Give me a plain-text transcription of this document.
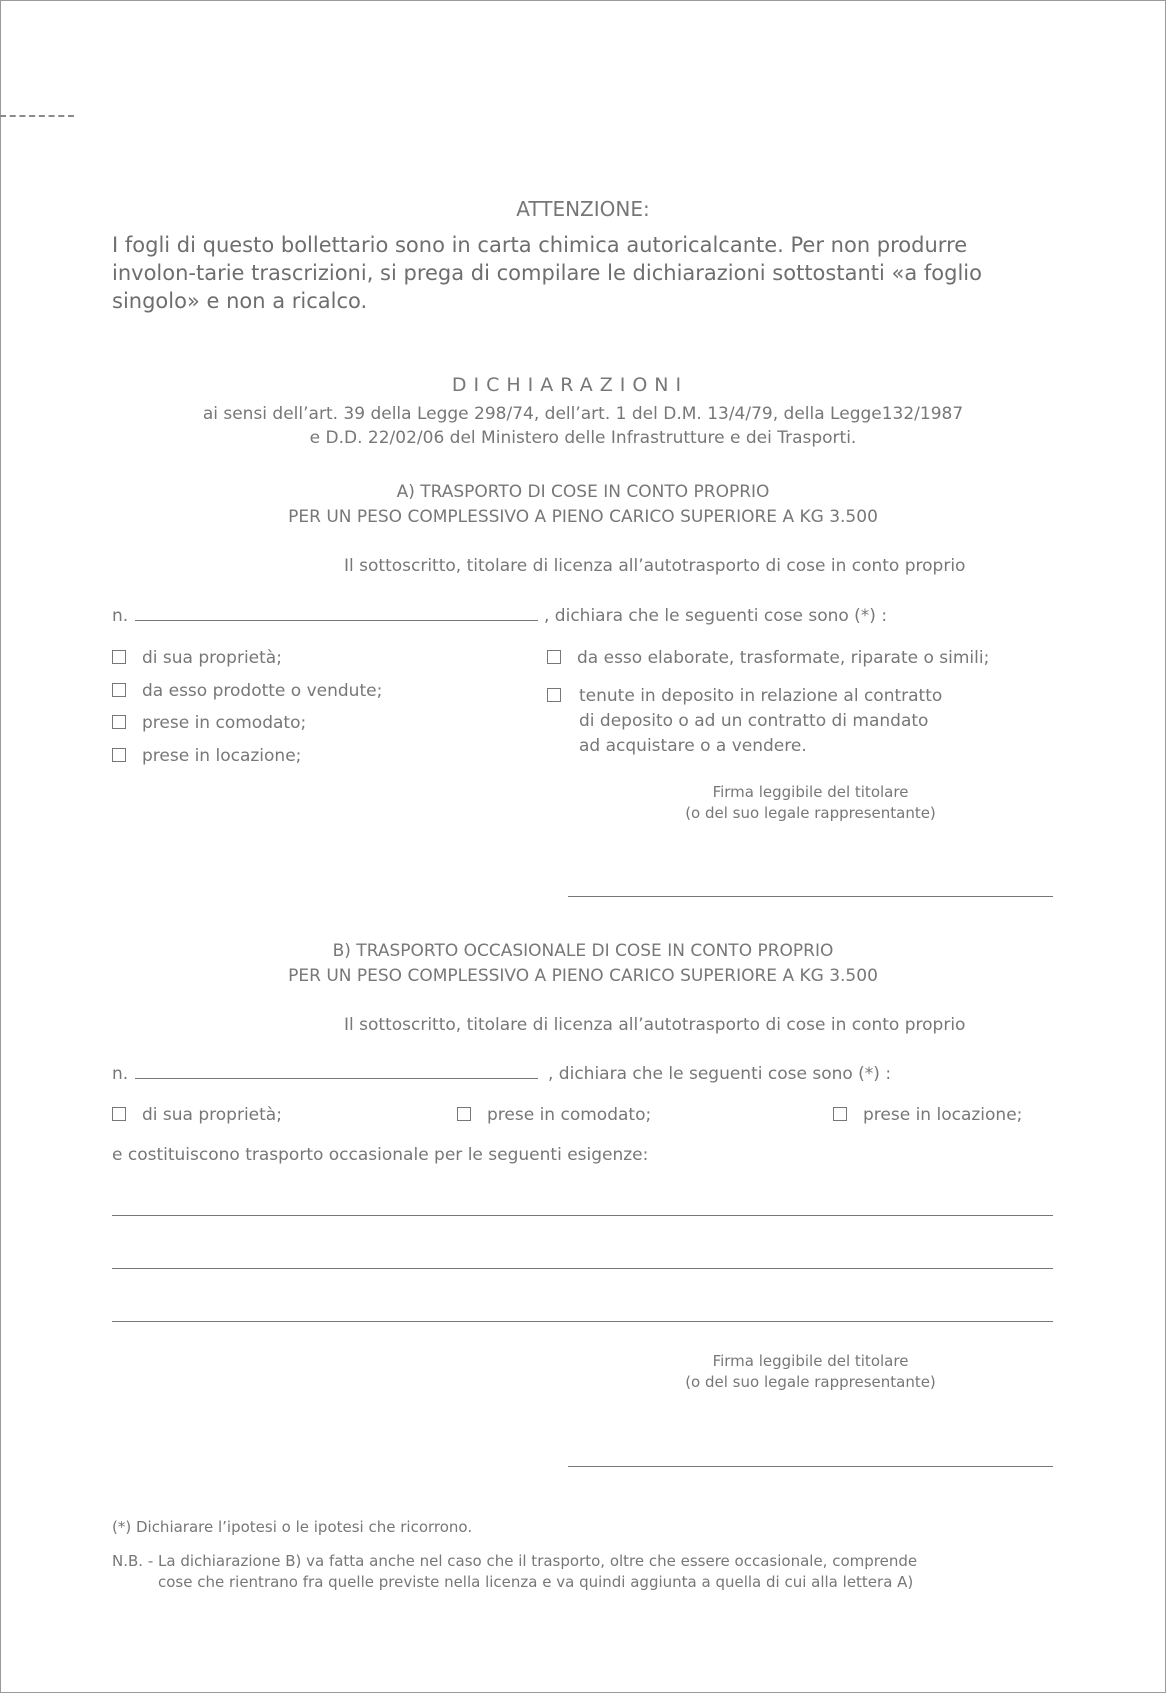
ATTENZIONE:
I fogli di questo bollettario sono in carta chimica autoricalcante. Per non produrre involon-tarie trascrizioni, si prega di compilare le dichiarazioni sottostanti «a foglio singolo» e non a ricalco.
DICHIARAZIONI
ai sensi dell’art. 39 della Legge 298/74, dell’art. 1 del D.M. 13/4/79, della Legge132/1987
e D.D. 22/02/06 del Ministero delle Infrastrutture e dei Trasporti.
A) TRASPORTO DI COSE IN CONTO PROPRIO
PER UN PESO COMPLESSIVO A PIENO CARICO SUPERIORE A KG 3.500
Il sottoscritto, titolare di licenza all’autotrasporto di cose in conto proprio
n.	, dichiara che le seguenti cose sono (*) :
di sua proprietà;
da esso prodotte o vendute;
prese in comodato;
prese in locazione;
da esso elaborate, trasformate, riparate o simili;
tenute in deposito in relazione al contratto
di deposito o ad un contratto di mandato
ad acquistare o a vendere.
Firma leggibile del titolare
(o del suo legale rappresentante)
B) TRASPORTO OCCASIONALE DI COSE IN CONTO PROPRIO
PER UN PESO COMPLESSIVO A PIENO CARICO SUPERIORE A KG 3.500
Il sottoscritto, titolare di licenza all’autotrasporto di cose in conto proprio
n.	, dichiara che le seguenti cose sono (*) :
di sua proprietà;	prese in comodato;	prese in locazione;
e costituiscono trasporto occasionale per le seguenti esigenze:
Firma leggibile del titolare
(o del suo legale rappresentante)
(*) Dichiarare l’ipotesi o le ipotesi che ricorrono.
N.B. - La dichiarazione B) va fatta anche nel caso che il trasporto, oltre che essere occasionale, comprende
cose che rientrano fra quelle previste nella licenza e va quindi aggiunta a quella di cui alla lettera A)
